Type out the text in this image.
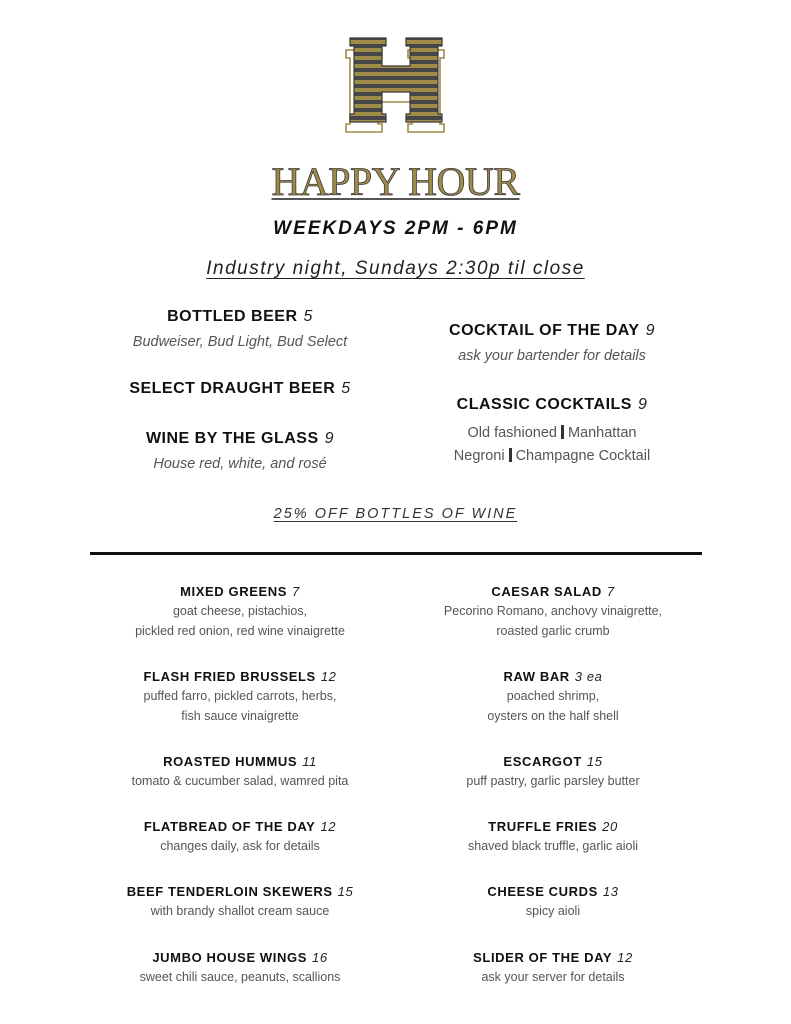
HAPPY HOUR
WEEKDAYS 2PM - 6PM
Industry night, Sundays 2:30p til close
BOTTLED BEER 5
Budweiser, Bud Light, Bud Select
SELECT DRAUGHT BEER 5
WINE BY THE GLASS 9
House red, white, and rosé
COCKTAIL OF THE DAY 9
ask your bartender for details
CLASSIC COCKTAILS 9
Old fashioned Manhattan
Negroni Champagne Cocktail
25% OFF BOTTLES OF WINE
MIXED GREENS 7
goat cheese, pistachios,
pickled red onion, red wine vinaigrette
FLASH FRIED BRUSSELS 12
puffed farro, pickled carrots, herbs,
fish sauce vinaigrette
ROASTED HUMMUS 11
tomato & cucumber salad, wamred pita
FLATBREAD OF THE DAY 12
changes daily, ask for details
BEEF TENDERLOIN SKEWERS 15
with brandy shallot cream sauce
JUMBO HOUSE WINGS 16
sweet chili sauce, peanuts, scallions
CAESAR SALAD 7
Pecorino Romano, anchovy vinaigrette,
roasted garlic crumb
RAW BAR 3 ea
poached shrimp,
oysters on the half shell
ESCARGOT 15
puff pastry, garlic parsley butter
TRUFFLE FRIES 20
shaved black truffle, garlic aioli
CHEESE CURDS 13
spicy aioli
SLIDER OF THE DAY 12
ask your server for details
